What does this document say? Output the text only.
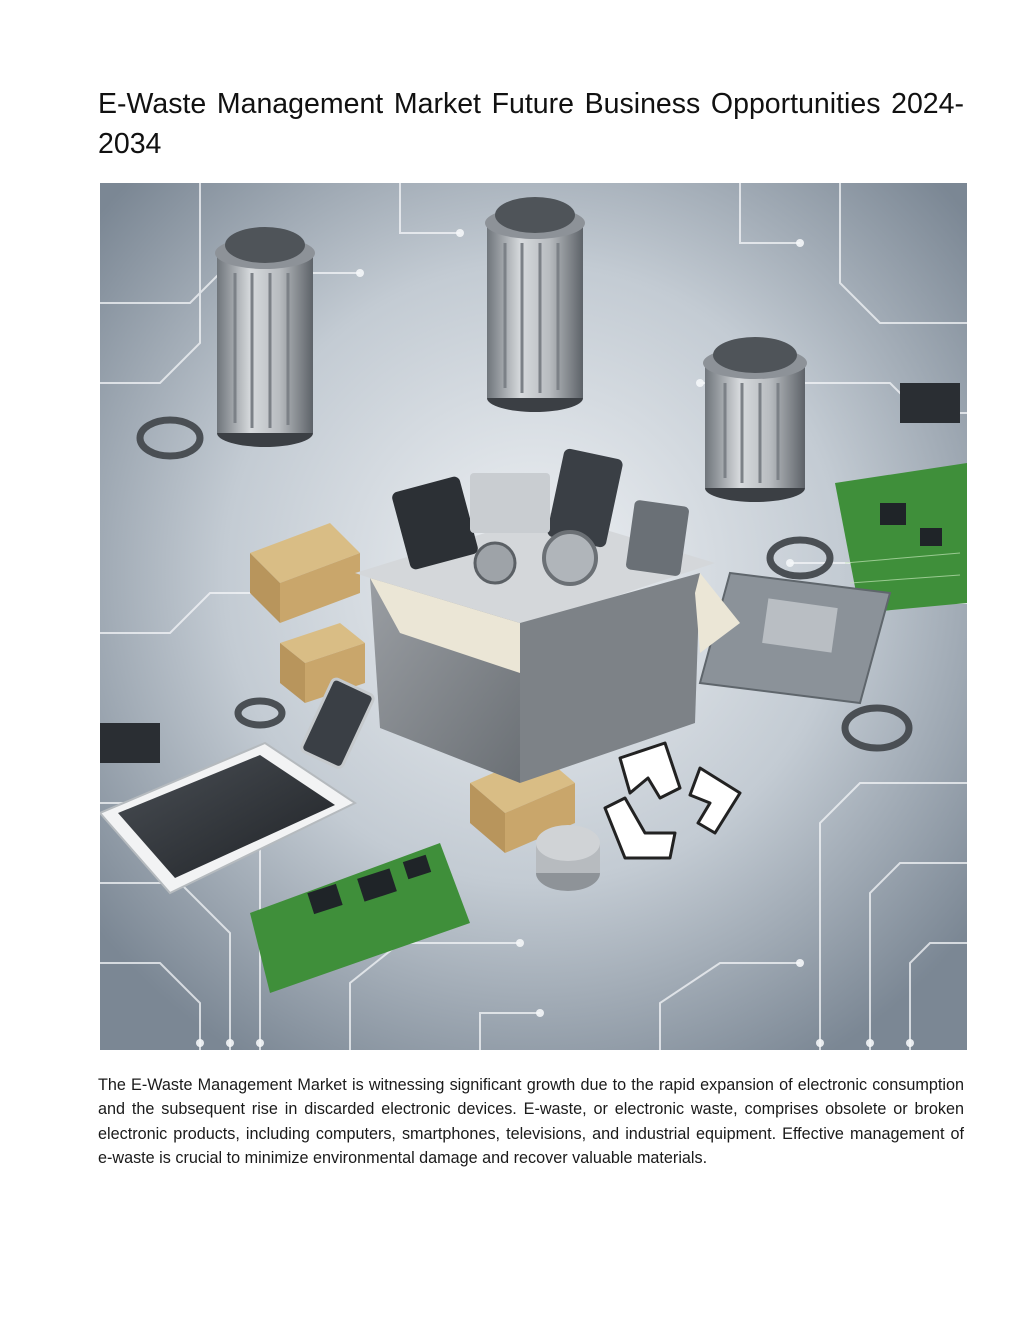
E-Waste Management Market Future Business Opportunities 2024-2034

The E-Waste Management Market is witnessing significant growth due to the rapid expansion of electronic consumption and the subsequent rise in discarded electronic devices. E-waste, or electronic waste, comprises obsolete or broken electronic products, including computers, smartphones, televisions, and industrial equipment. Effective management of e-waste is crucial to minimize environmental damage and recover valuable materials.
